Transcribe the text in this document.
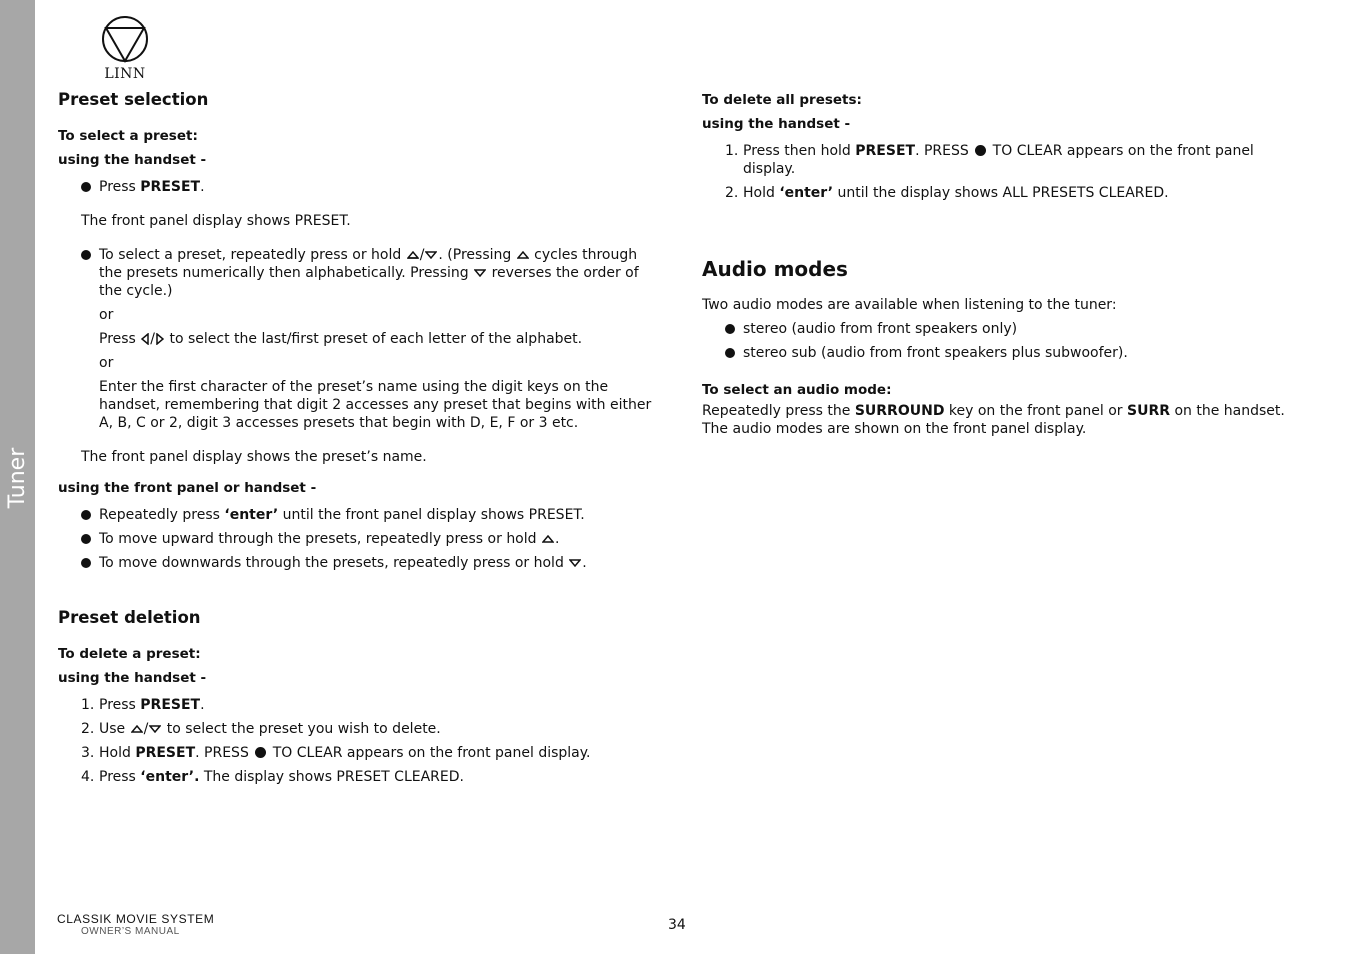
Tuner
LINN
Preset selection
To select a preset:
using the handset -
Press PRESET.

The front panel display shows PRESET.

To select a preset, repeatedly press or hold / . (Pressing  cycles through the presets numerically then alphabetically. Pressing  reverses the order of the cycle.)
or
Press / to select the last/first preset of each letter of the alphabet.
or
Enter the first character of the preset’s name using the digit keys on the handset, remembering that digit 2 accesses any preset that begins with either A, B, C or 2, digit 3 accesses presets that begin with D, E, F or 3 etc.

The front panel display shows the preset’s name.

using the front panel or handset -
Repeatedly press ‘enter’ until the front panel display shows PRESET.
To move upward through the presets, repeatedly press or hold .
To move downwards through the presets, repeatedly press or hold .
Preset deletion
To delete a preset:
using the handset -
1. Press PRESET.
2. Use / to select the preset you wish to delete.
3. Hold PRESET. PRESS  TO CLEAR appears on the front panel display.
4. Press ‘enter’. The display shows PRESET CLEARED.
To delete all presets:
using the handset -
1. Press then hold PRESET. PRESS  TO CLEAR appears on the front panel display.
2. Hold ‘enter’ until the display shows ALL PRESETS CLEARED.
Audio modes

Two audio modes are available when listening to the tuner:

stereo (audio from front speakers only)
stereo sub (audio from front speakers plus subwoofer).
To select an audio mode:

Repeatedly press the SURROUND key on the front panel or SURR on the handset. The audio modes are shown on the front panel display.

CLASSIK MOVIE SYSTEM
OWNER’S MANUAL	34
